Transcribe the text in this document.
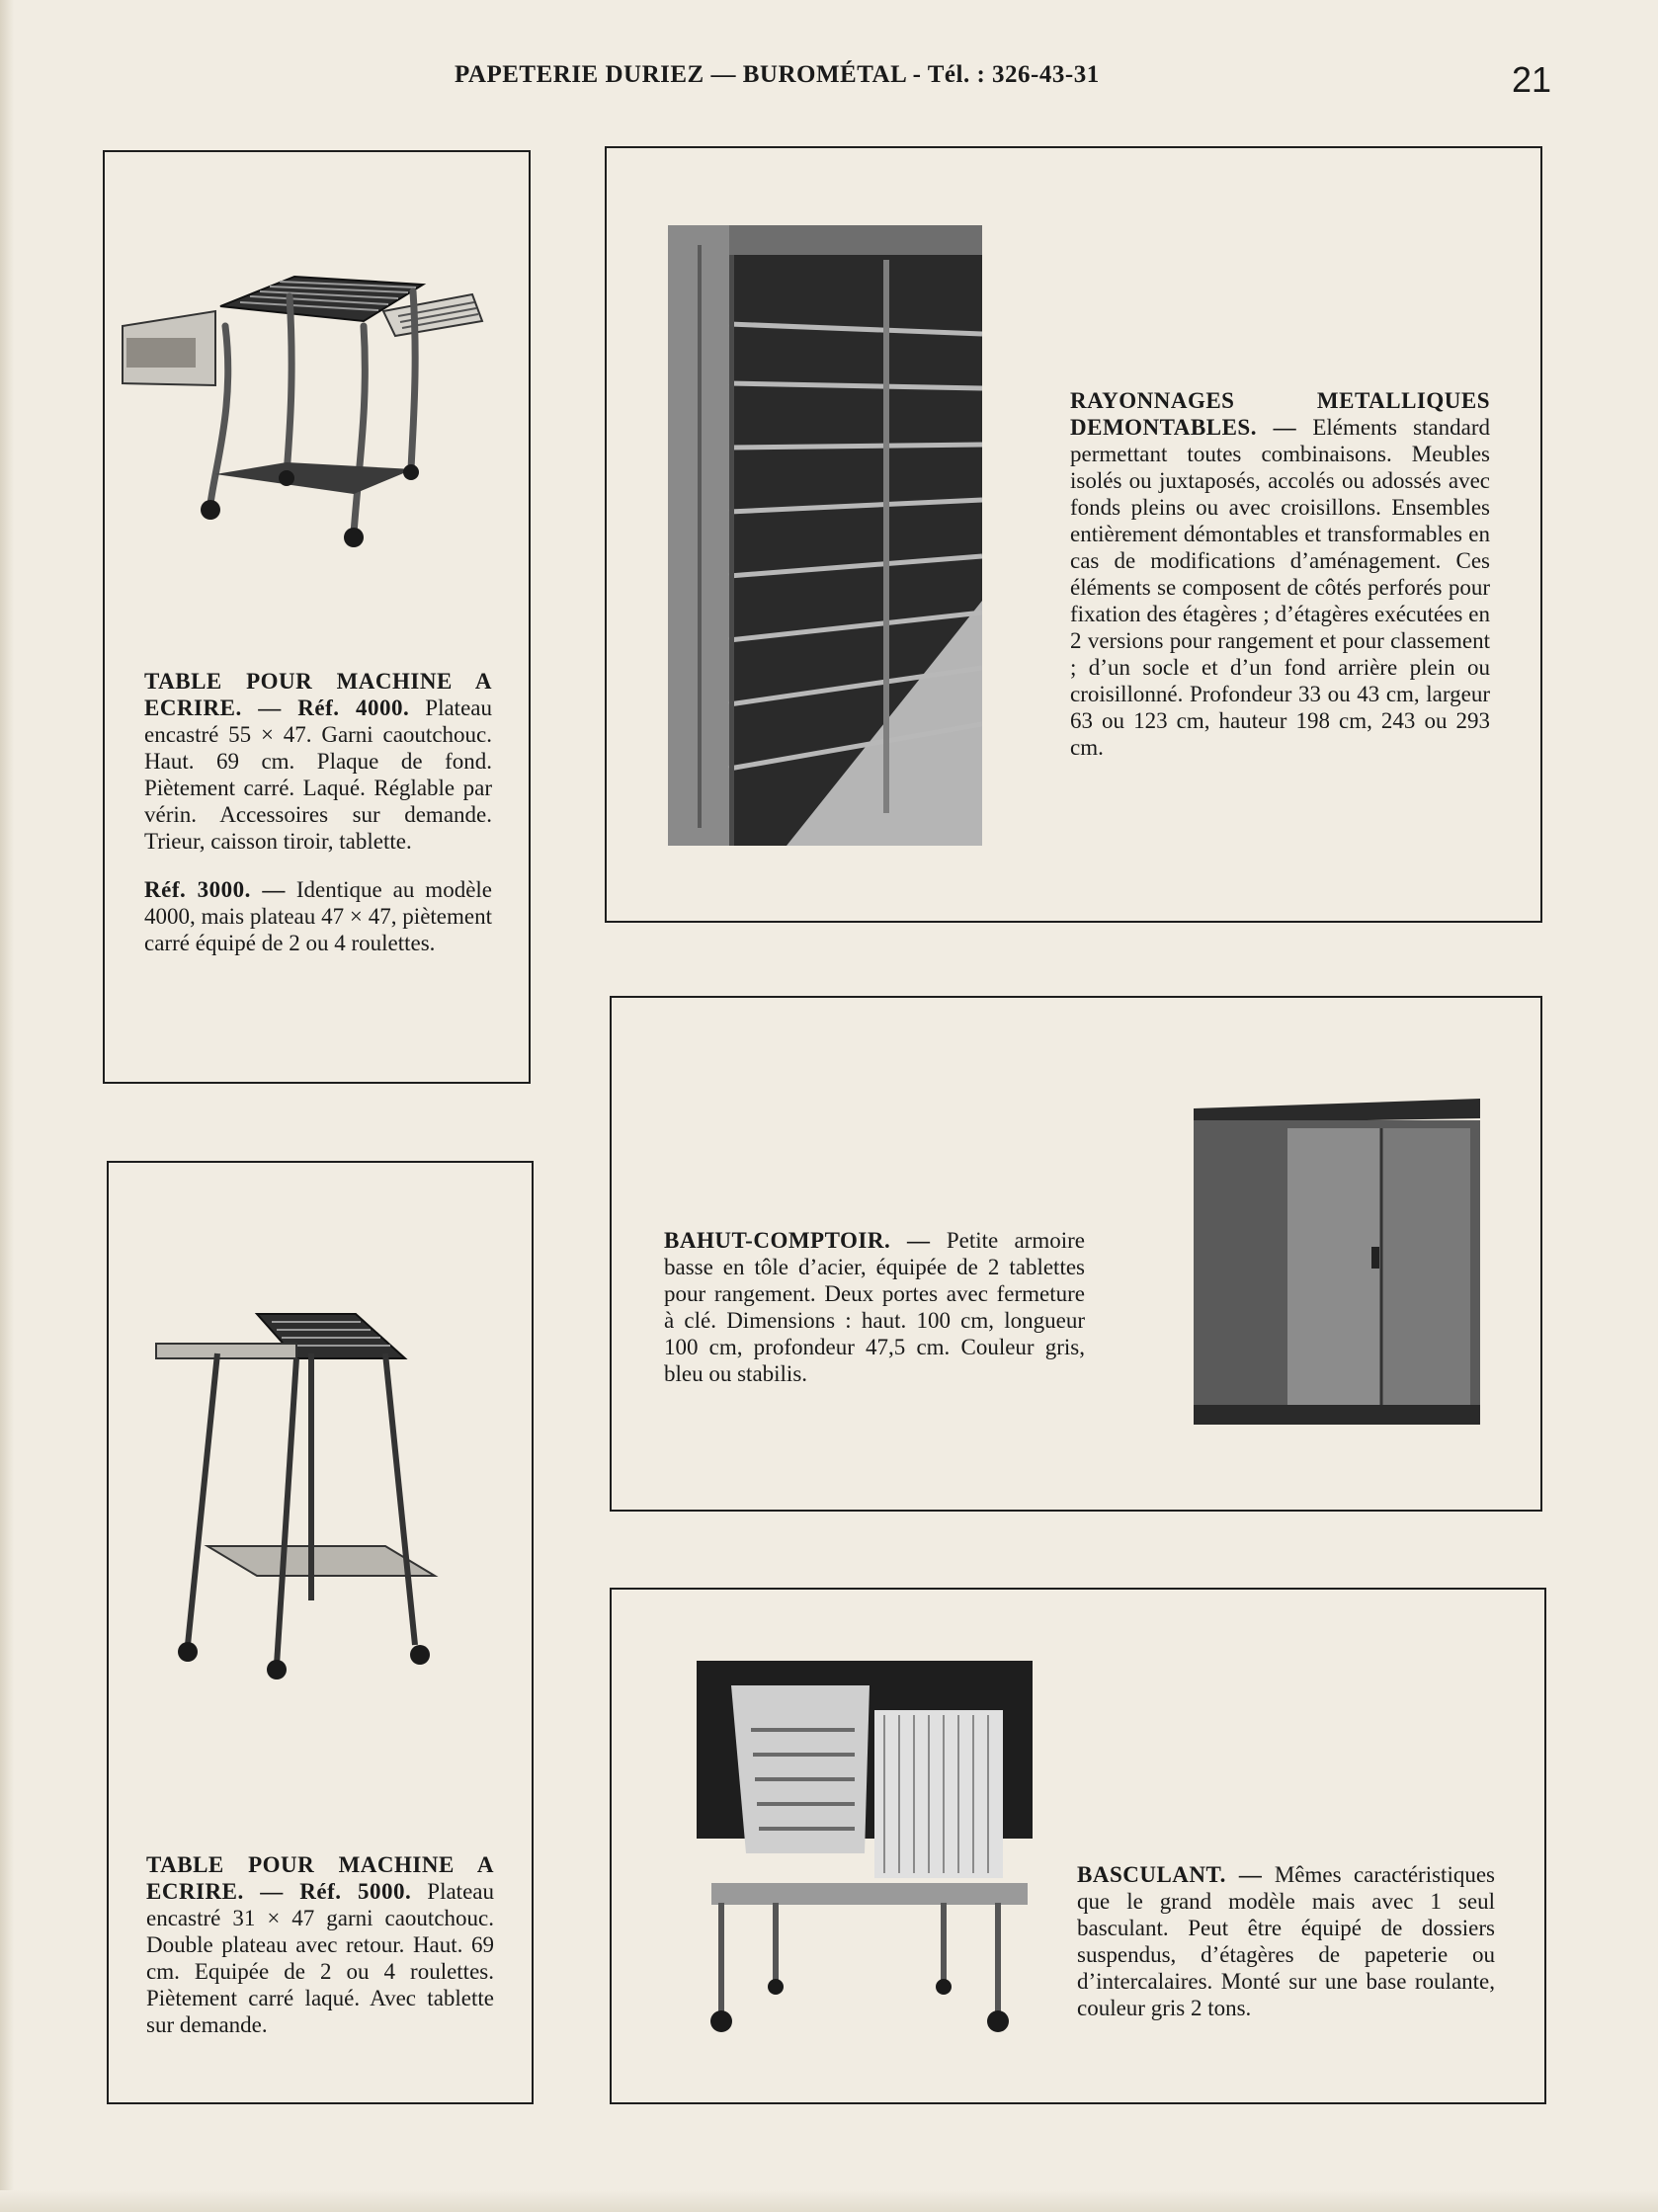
PAPETERIE DURIEZ — BUROMÉTAL - Tél. : 326-43-31	21

TABLE POUR MACHINE A ECRIRE. — Réf. 4000. Plateau encastré 55 × 47. Garni caoutchouc. Haut. 69 cm. Plaque de fond. Piètement carré. Laqué. Réglable par vérin. Accessoires sur demande. Trieur, caisson tiroir, tablette.

Réf. 3000. — Identique au modèle 4000, mais plateau 47 × 47, piètement carré équipé de 2 ou 4 roulettes.

RAYONNAGES METALLIQUES DEMONTABLES. — Eléments standard permettant toutes combinaisons. Meubles isolés ou juxtaposés, accolés ou adossés avec fonds pleins ou avec croisillons. Ensembles entièrement démontables et transformables en cas de modifications d’aménagement. Ces éléments se composent de côtés perforés pour fixation des étagères ; d’étagères exécutées en 2 versions pour rangement et pour classement ; d’un socle et d’un fond arrière plein ou croisillonné. Profondeur 33 ou 43 cm, largeur 63 ou 123 cm, hauteur 198 cm, 243 ou 293 cm.

TABLE POUR MACHINE A ECRIRE. — Réf. 5000. Plateau encastré 31 × 47 garni caoutchouc. Double plateau avec retour. Haut. 69 cm. Equipée de 2 ou 4 roulettes. Piètement carré laqué. Avec tablette sur demande.

BAHUT-COMPTOIR. — Petite armoire basse en tôle d’acier, équipée de 2 tablettes pour rangement. Deux portes avec fermeture à clé. Dimensions : haut. 100 cm, longueur 100 cm, profondeur 47,5 cm. Couleur gris, bleu ou stabilis.

BASCULANT. — Mêmes caractéristiques que le grand modèle mais avec 1 seul basculant. Peut être équipé de dossiers suspendus, d’étagères de papeterie ou d’intercalaires. Monté sur une base roulante, couleur gris 2 tons.
